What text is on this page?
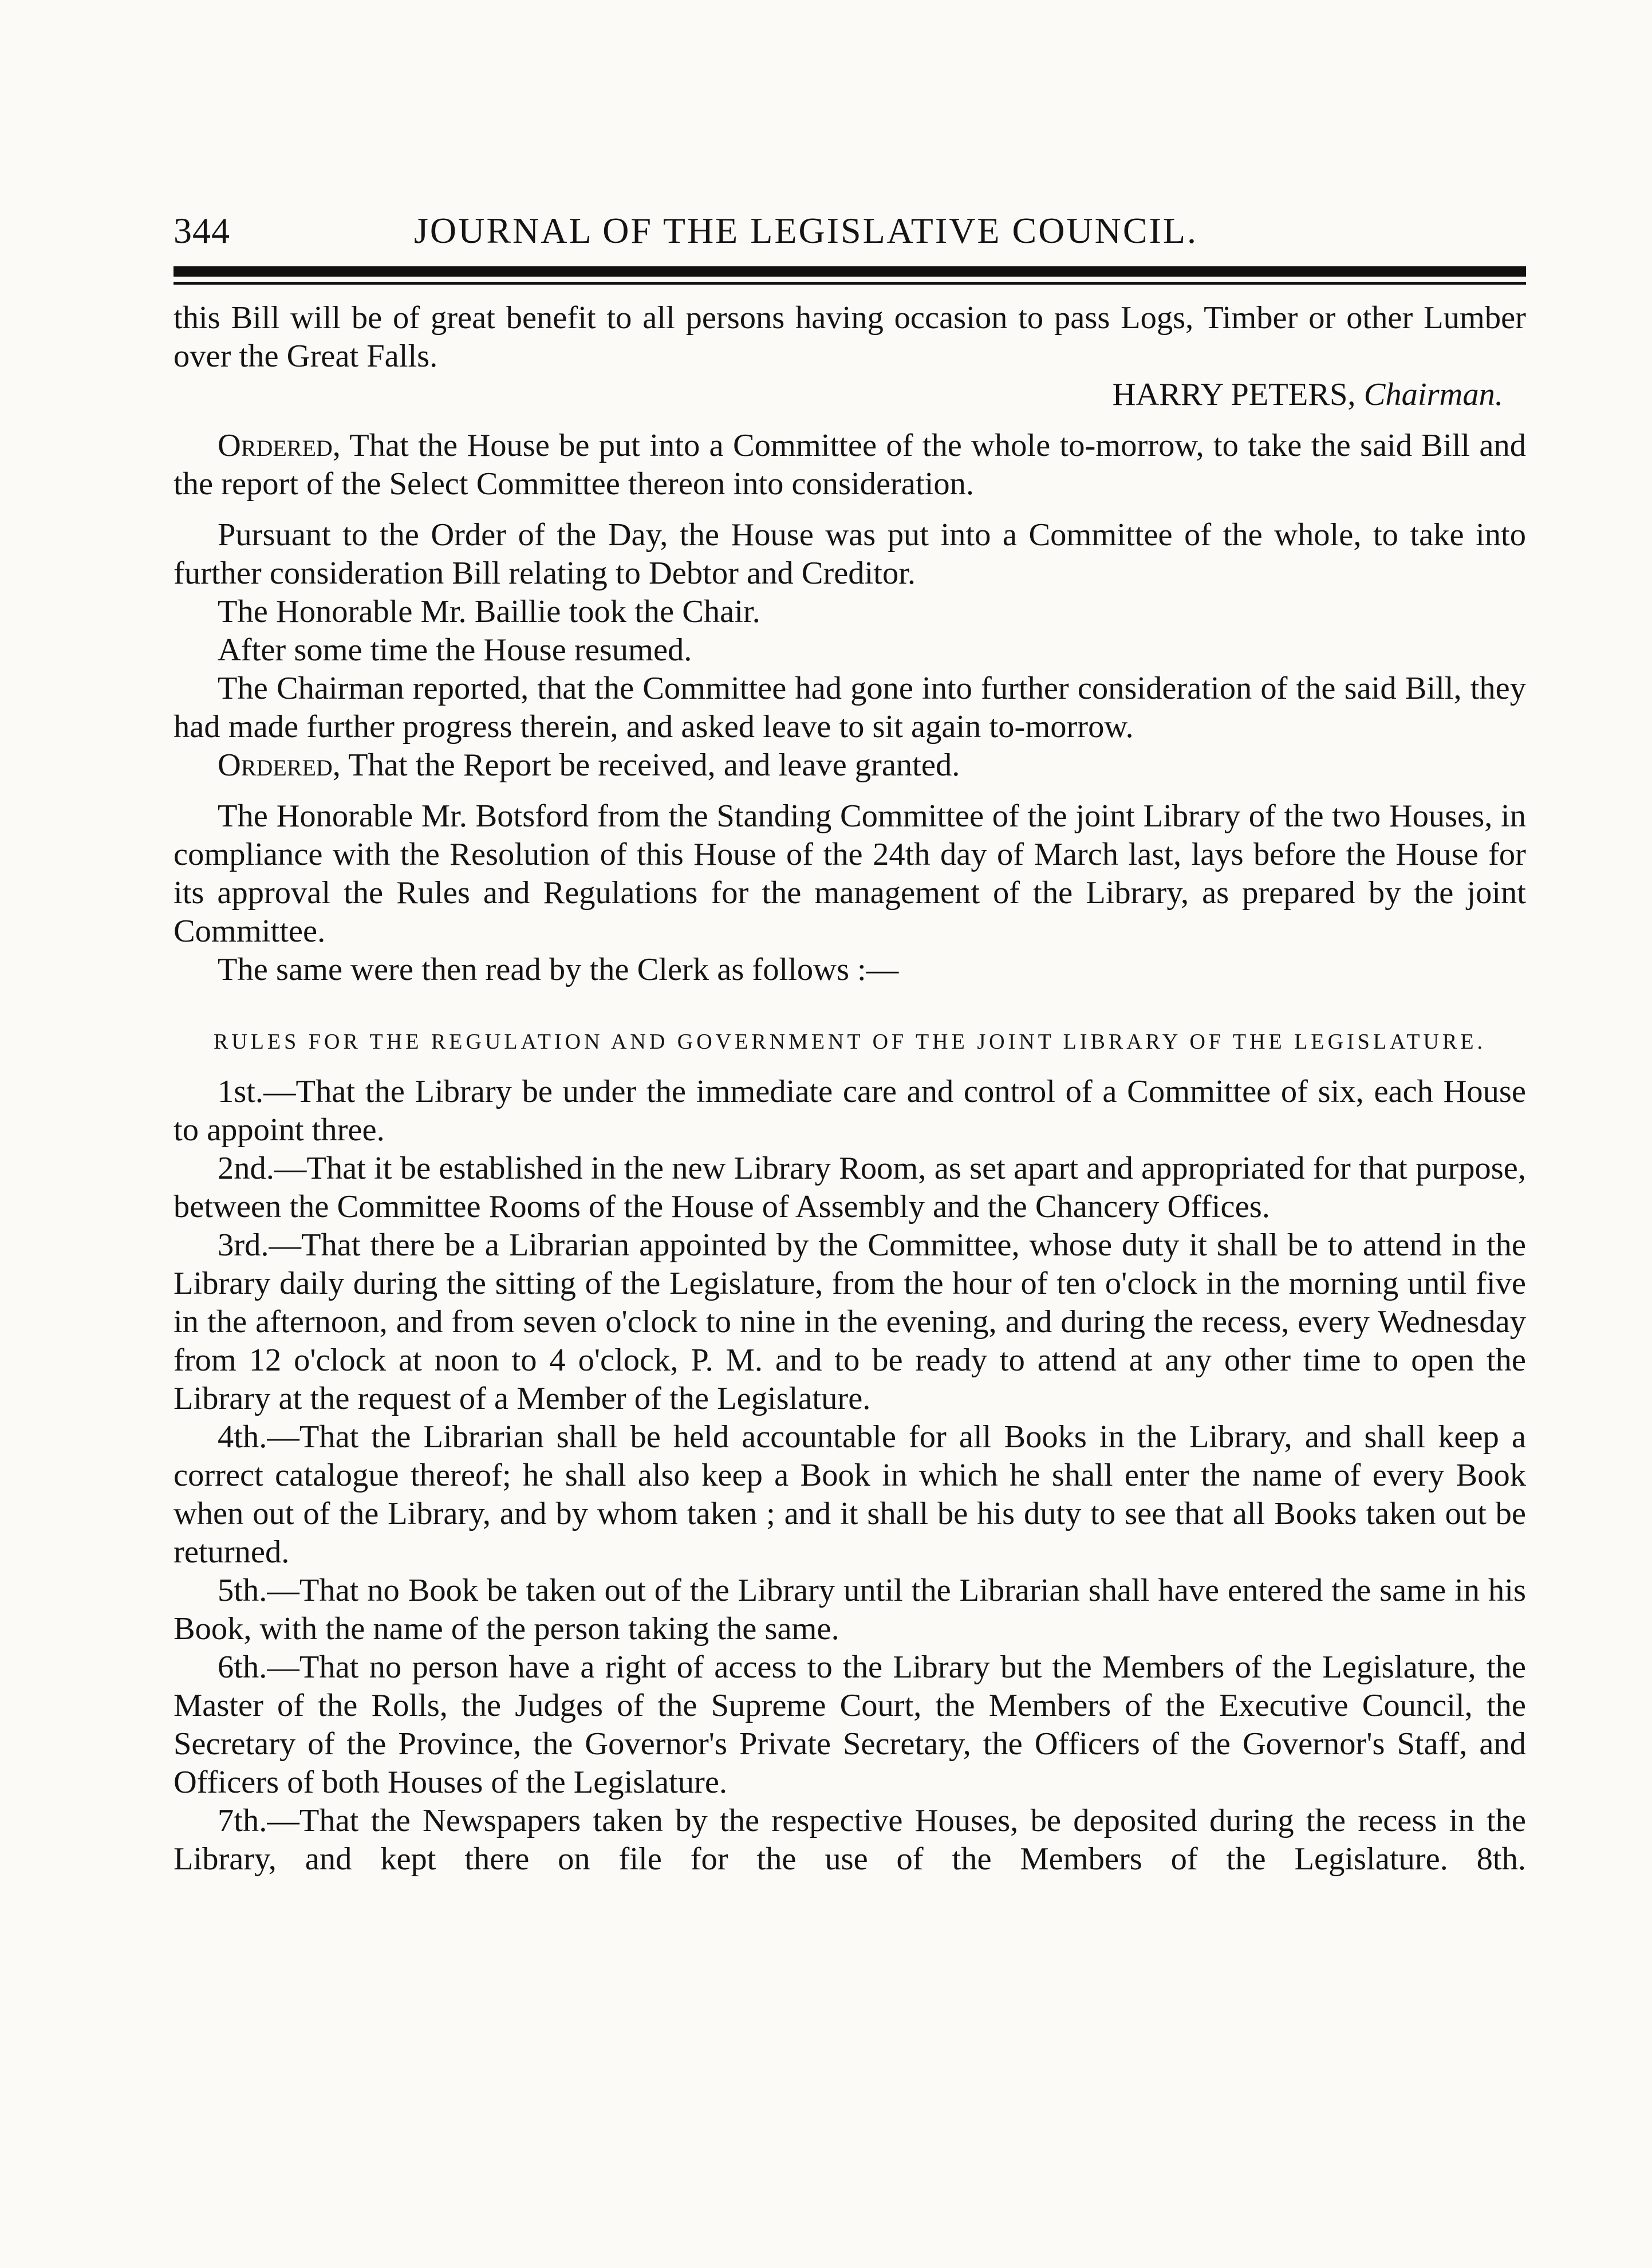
344	JOURNAL OF THE LEGISLATIVE COUNCIL.

this Bill will be of great benefit to all persons having occasion to pass Logs, Timber or other Lumber over the Great Falls.

HARRY PETERS, Chairman.

Ordered, That the House be put into a Committee of the whole to-morrow, to take the said Bill and the report of the Select Committee thereon into consideration.

Pursuant to the Order of the Day, the House was put into a Committee of the whole, to take into further consideration Bill relating to Debtor and Creditor.

The Honorable Mr. Baillie took the Chair.

After some time the House resumed.

The Chairman reported, that the Committee had gone into further consideration of the said Bill, they had made further progress therein, and asked leave to sit again to-morrow.

Ordered, That the Report be received, and leave granted.

The Honorable Mr. Botsford from the Standing Committee of the joint Library of the two Houses, in compliance with the Resolution of this House of the 24th day of March last, lays before the House for its approval the Rules and Regulations for the management of the Library, as prepared by the joint Committee.

The same were then read by the Clerk as follows :—

RULES FOR THE REGULATION AND GOVERNMENT OF THE JOINT LIBRARY OF THE LEGISLATURE.

1st.—That the Library be under the immediate care and control of a Committee of six, each House to appoint three.

2nd.—That it be established in the new Library Room, as set apart and appropriated for that purpose, between the Committee Rooms of the House of Assembly and the Chancery Offices.

3rd.—That there be a Librarian appointed by the Committee, whose duty it shall be to attend in the Library daily during the sitting of the Legislature, from the hour of ten o'clock in the morning until five in the afternoon, and from seven o'clock to nine in the evening, and during the recess, every Wednesday from 12 o'clock at noon to 4 o'clock, P. M. and to be ready to attend at any other time to open the Library at the request of a Member of the Legislature.

4th.—That the Librarian shall be held accountable for all Books in the Library, and shall keep a correct catalogue thereof; he shall also keep a Book in which he shall enter the name of every Book when out of the Library, and by whom taken ; and it shall be his duty to see that all Books taken out be returned.

5th.—That no Book be taken out of the Library until the Librarian shall have entered the same in his Book, with the name of the person taking the same.

6th.—That no person have a right of access to the Library but the Members of the Legislature, the Master of the Rolls, the Judges of the Supreme Court, the Members of the Executive Council, the Secretary of the Province, the Governor's Private Secretary, the Officers of the Governor's Staff, and Officers of both Houses of the Legislature.

7th.—That the Newspapers taken by the respective Houses, be deposited during the recess in the Library, and kept there on file for the use of the Members of the Legislature. 8th.
